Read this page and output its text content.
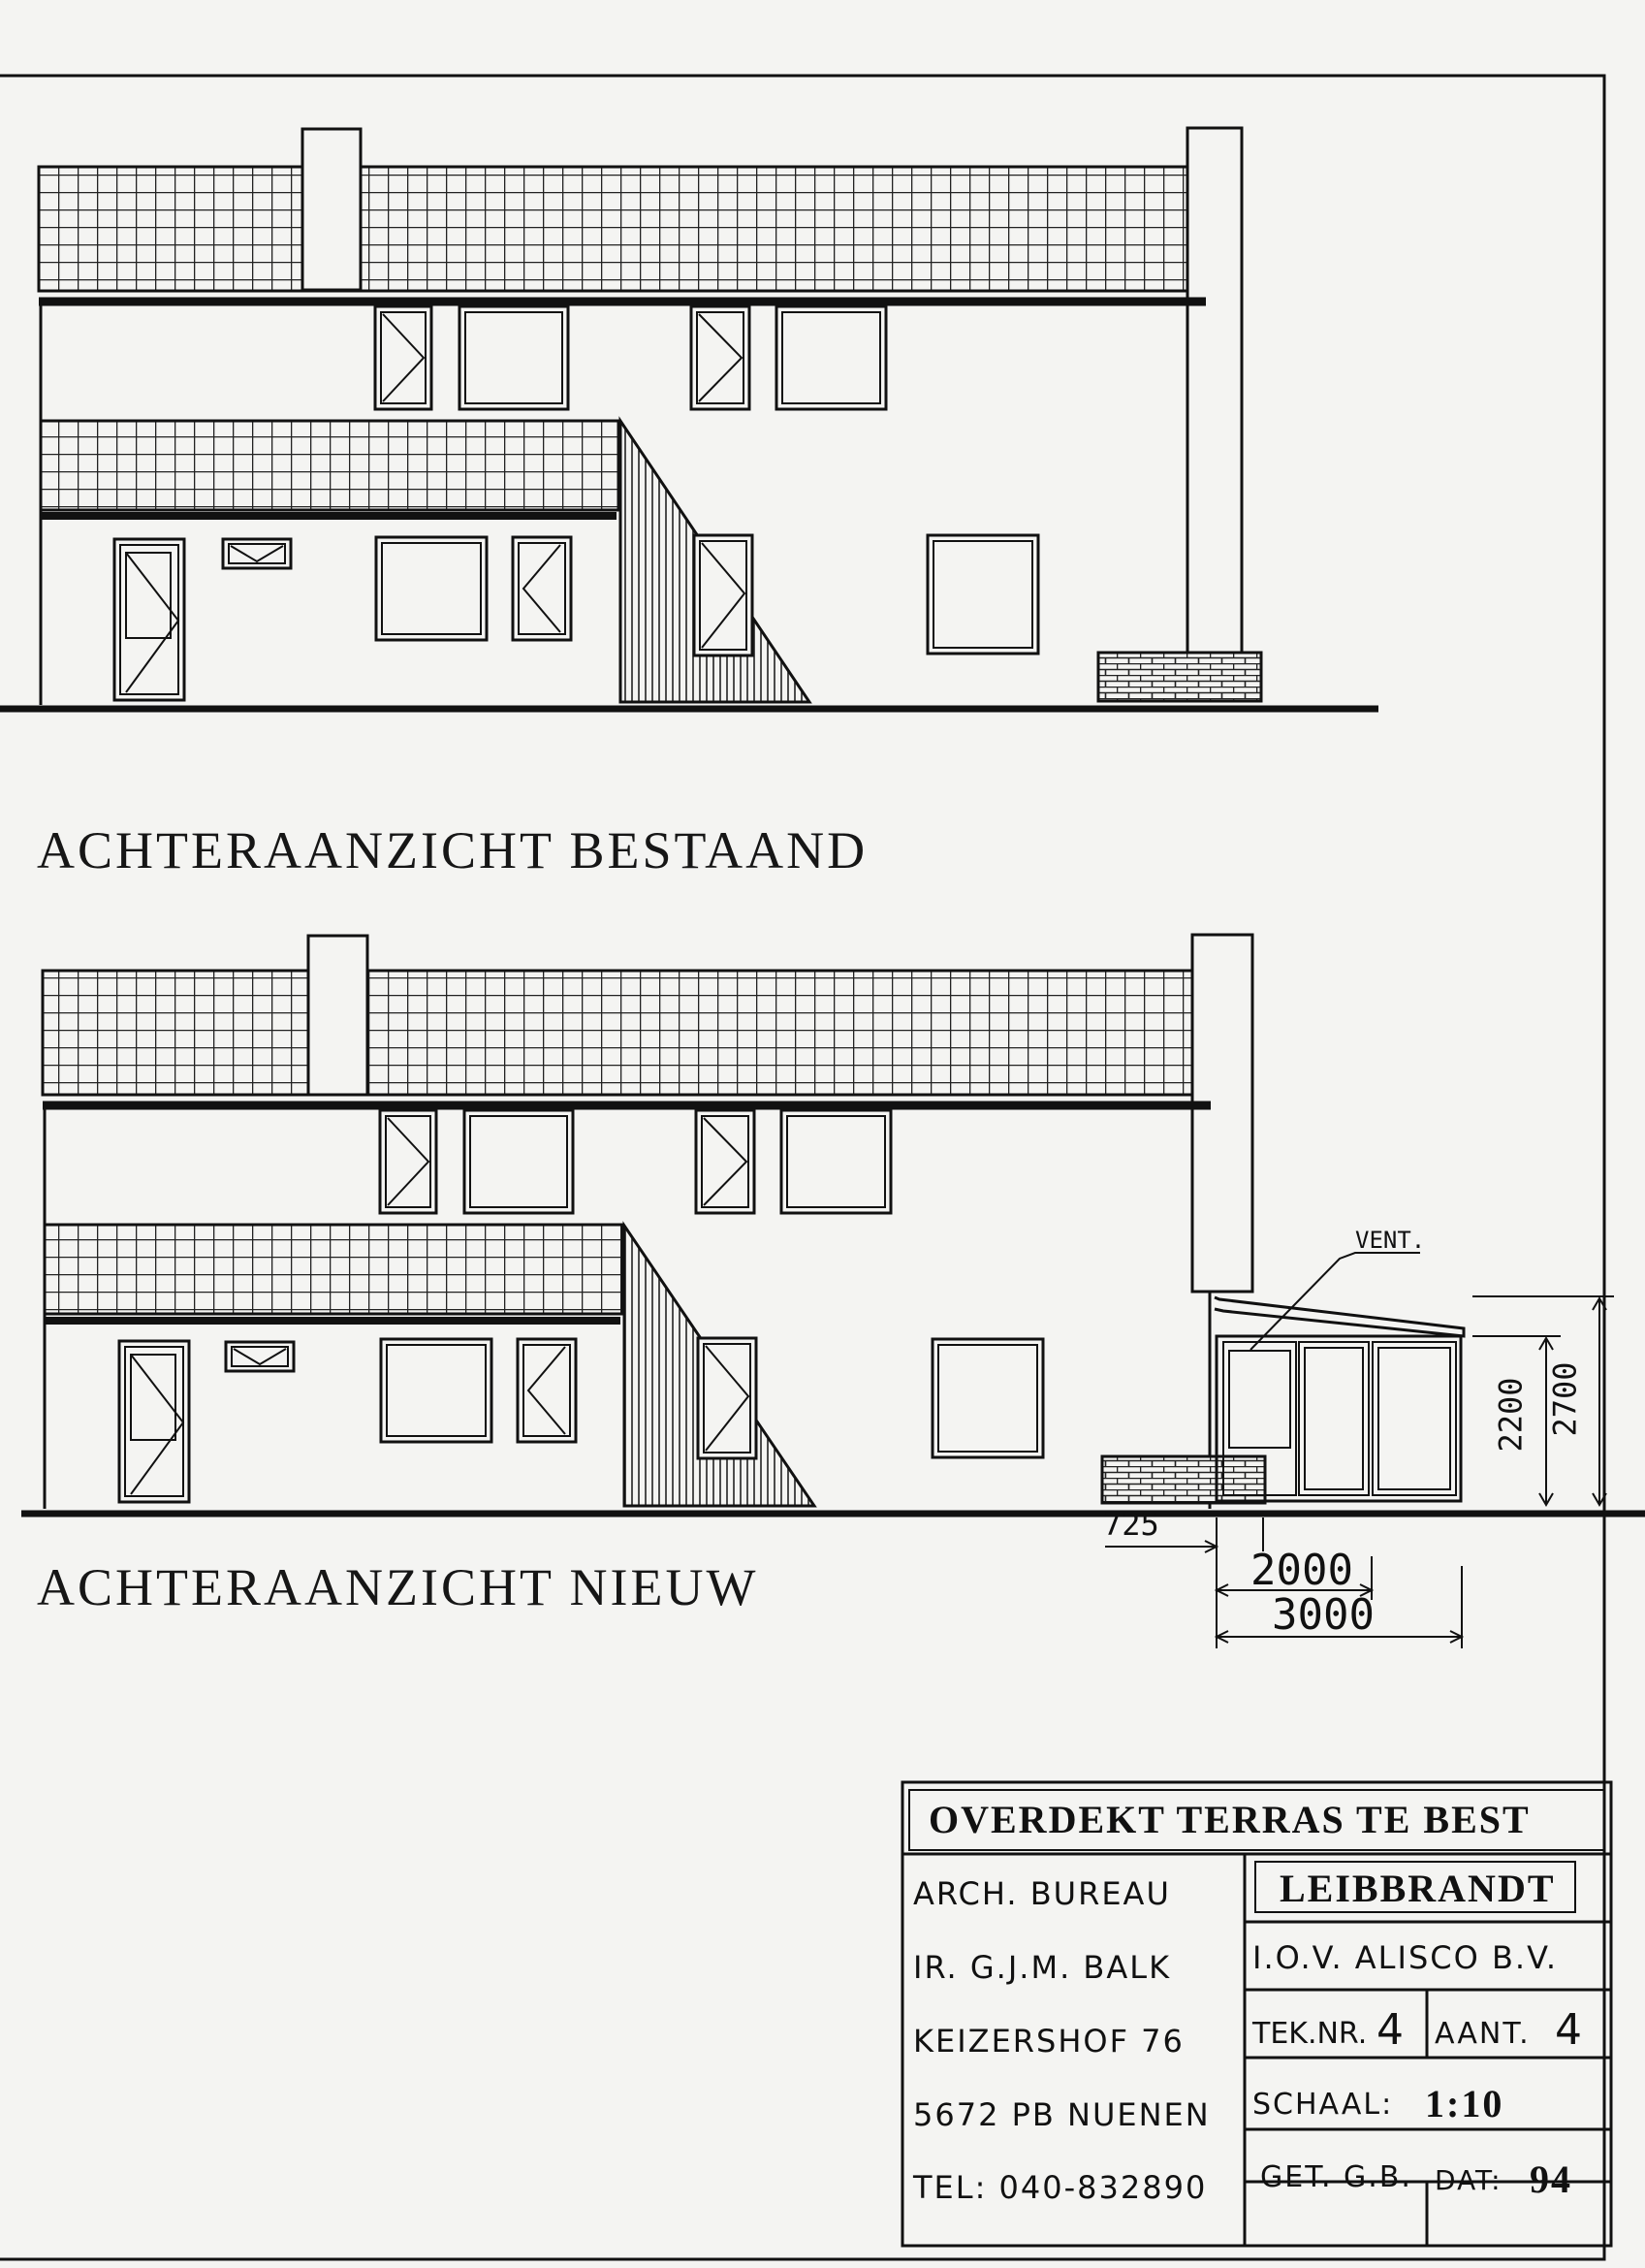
ACHTERAANZICHT BESTAAND
ACHTERAANZICHT NIEUW
VENT.
2200 2700
725
2000
3000
OVERDEKT TERRAS TE BEST
ARCH. BUREAU
IR. G.J.M. BALK
KEIZERSHOF 76
5672 PB NUENEN
TEL: 040-832890
LEIBBRANDT
I.O.V. ALISCO B.V.
TEK.NR. 4 AANT. 4
SCHAAL: 1:10
GET. G.B. DAT: 94
